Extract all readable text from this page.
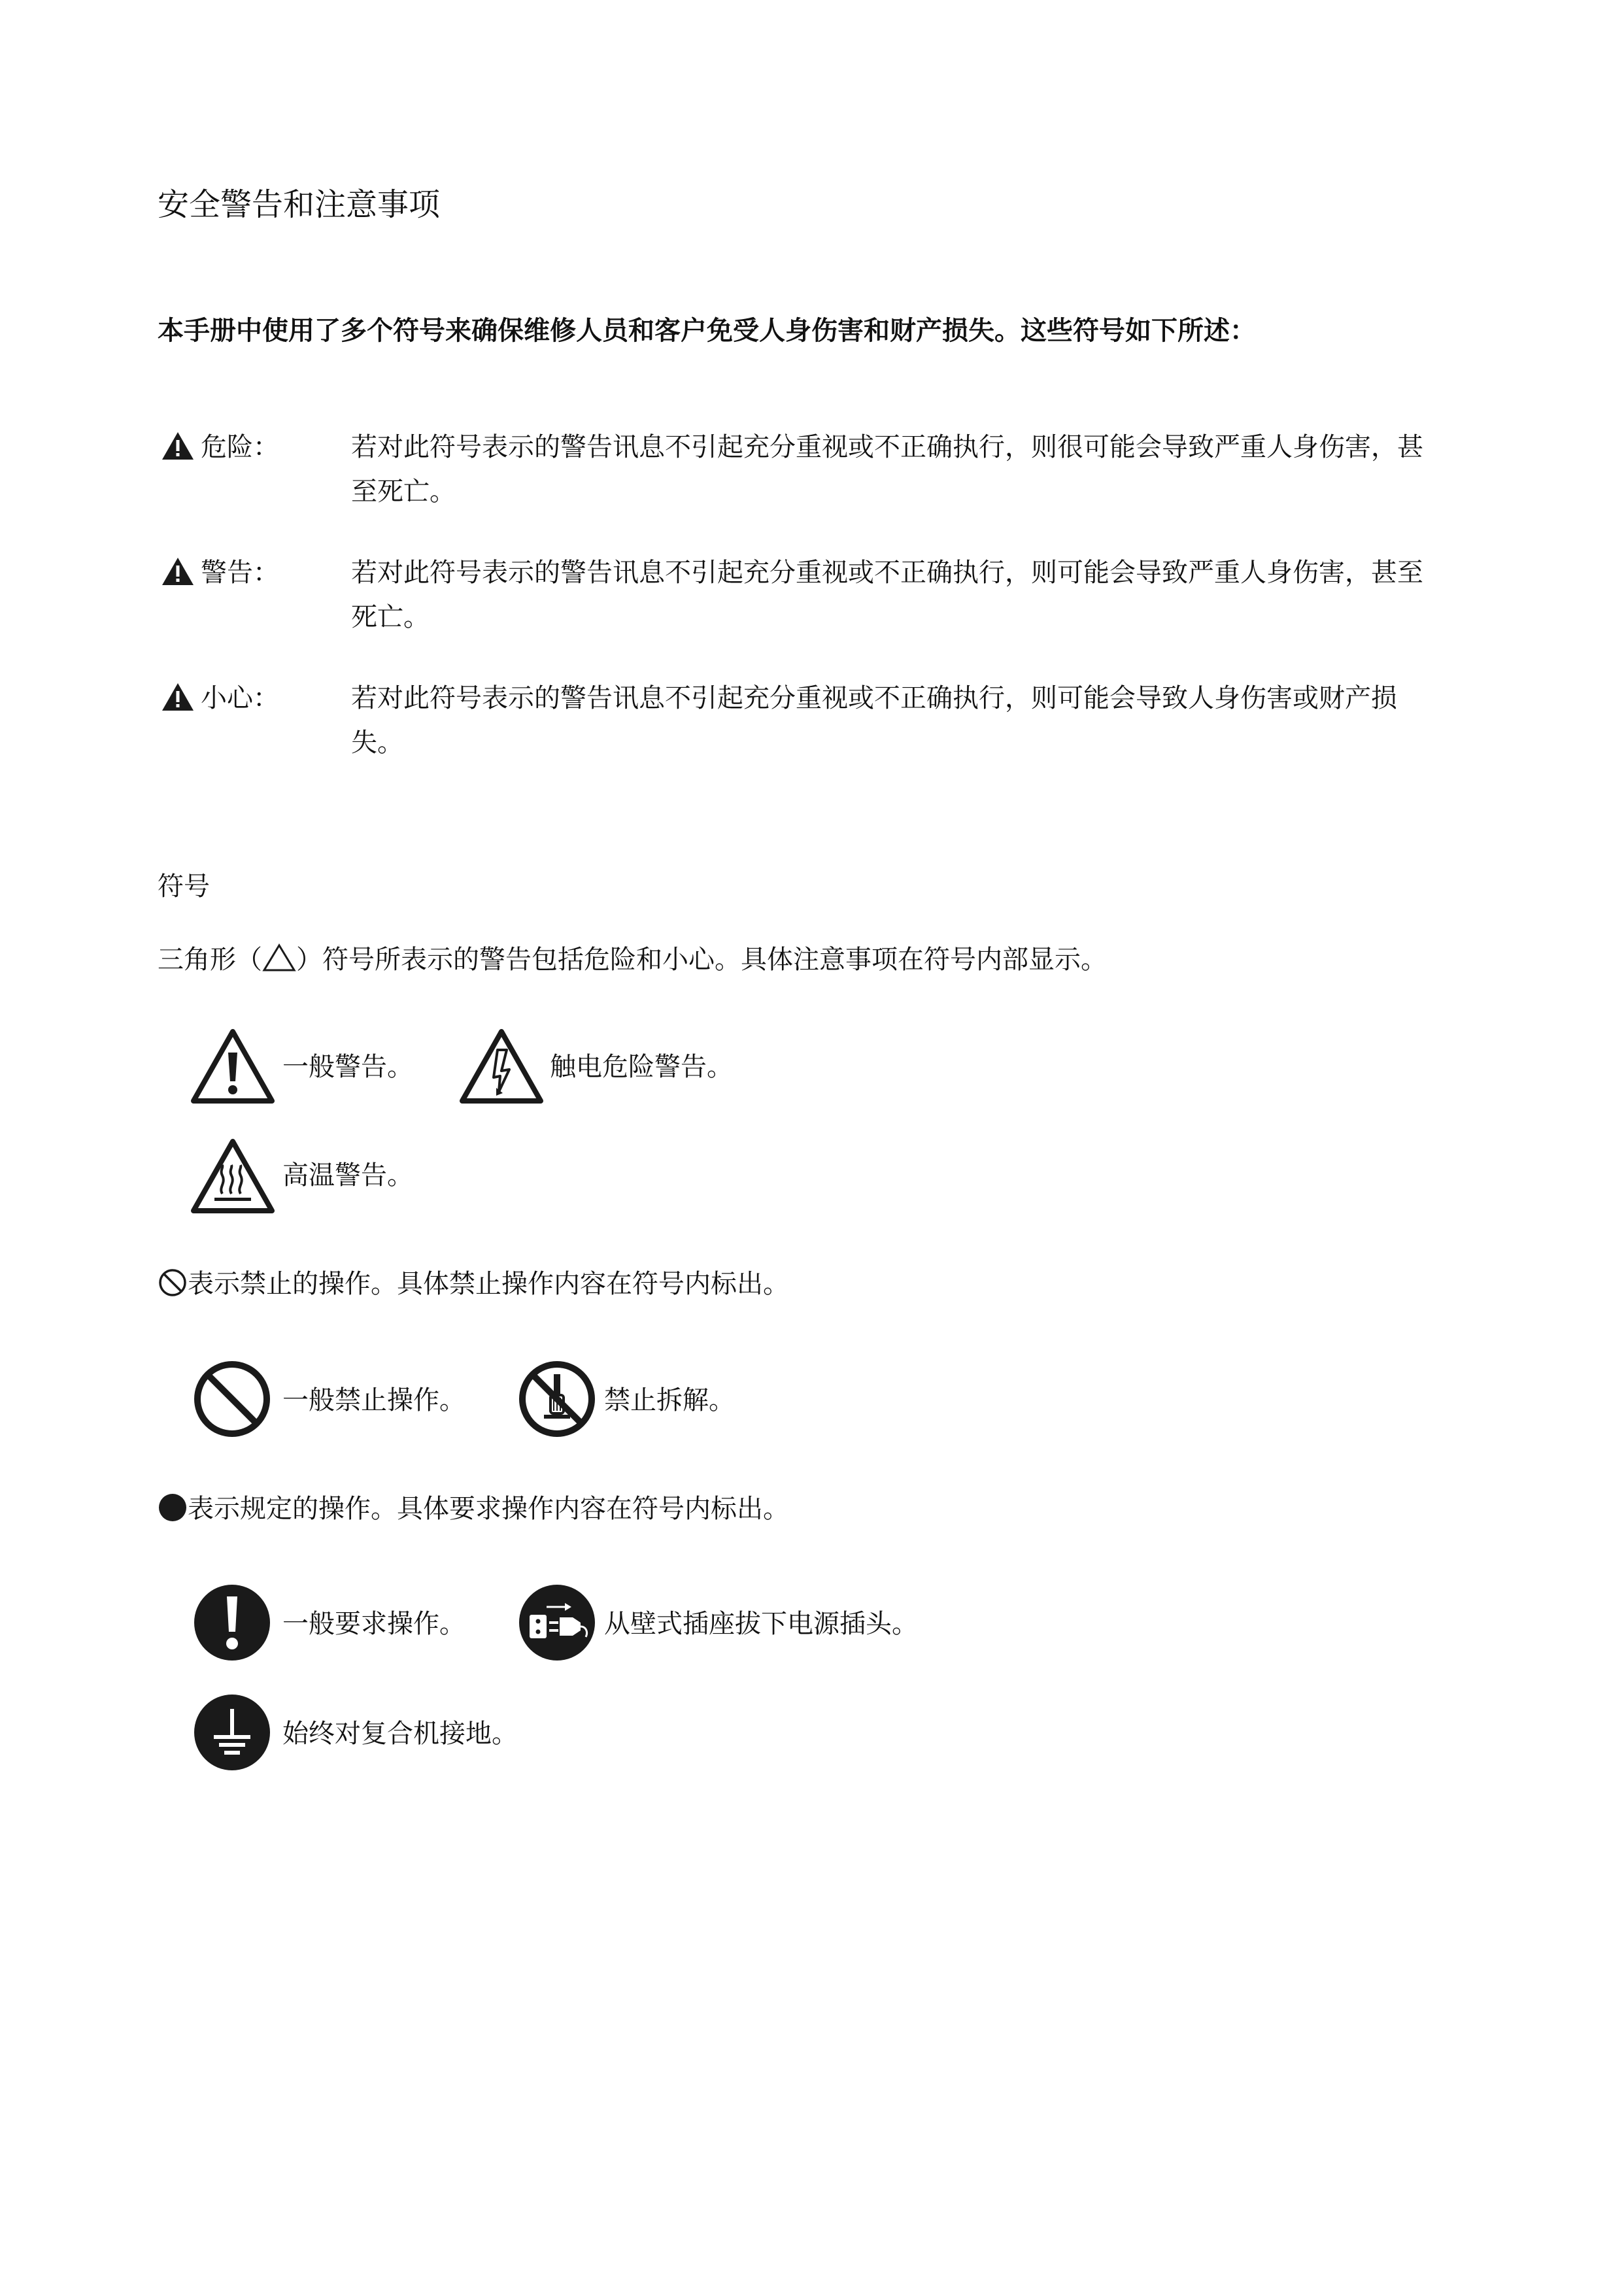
安全警告和注意事项
本手册中使用了多个符号来确保维修人员和客户免受人身伤害和财产损失。这些符号如下所述：
危险：	若对此符号表示的警告讯息不引起充分重视或不正确执行，则很可能会导致严重人身伤害，甚
至死亡。
警告：	若对此符号表示的警告讯息不引起充分重视或不正确执行，则可能会导致严重人身伤害，甚至
死亡。
小心：	若对此符号表示的警告讯息不引起充分重视或不正确执行，则可能会导致人身伤害或财产损
失。
符号
三角形（ ）符号所表示的警告包括危险和小心。具体注意事项在符号内部显示。
一般警告。	触电危险警告。
高温警告。
表示禁止的操作。具体禁止操作内容在符号内标出。
一般禁止操作。	禁止拆解。
表示规定的操作。具体要求操作内容在符号内标出。
一般要求操作。	从壁式插座拔下电源插头。
始终对复合机接地。
